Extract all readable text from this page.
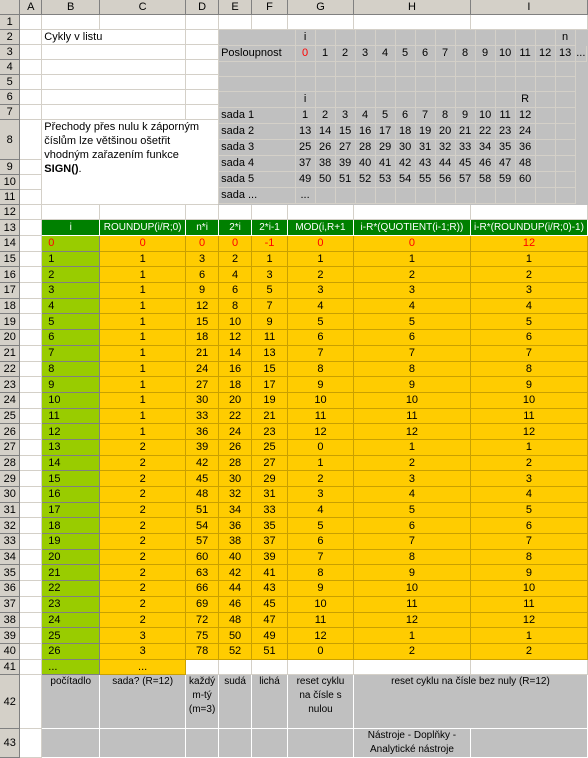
	A	B	C	D	E	F	G	H	I
1									
2		Cykly v listu		
		i													n
Posloupnost	0	1	2	3	4	5	6	7	8	9	10	11	12	13	...

	i											R		
sada 1	1	2	3	4	5	6	7	8	9	10	11	12		
sada 2	13	14	15	16	17	18	19	20	21	22	23	24		
sada 3	25	26	27	28	29	30	31	32	33	34	35	36		
sada 4	37	38	39	40	41	42	43	44	45	46	47	48		
sada 5	49	50	51	52	53	54	55	56	57	58	59	60		
sada ...	...													

3			
4			
5			
6			
7			
8		Přechody přes nulu k záporným číslům lze většinou ošetřit vhodným zařazením funkce SIGN().
9	
10	
11	
12									
13		i	ROUNDUP(i/R;0)	n*i	2*i	2*i-1	MOD(i,R+1	i-R*(QUOTIENT(i-1;R))	i-R*(ROUNDUP(i/R;0)-1)
14		0	0	0	0	-1	0	0	12
15		1	1	3	2	1	1	1	1
16		2	1	6	4	3	2	2	2
17		3	1	9	6	5	3	3	3
18		4	1	12	8	7	4	4	4
19		5	1	15	10	9	5	5	5
20		6	1	18	12	11	6	6	6
21		7	1	21	14	13	7	7	7
22		8	1	24	16	15	8	8	8
23		9	1	27	18	17	9	9	9
24		10	1	30	20	19	10	10	10
25		11	1	33	22	21	11	11	11
26		12	1	36	24	23	12	12	12
27		13	2	39	26	25	0	1	1
28		14	2	42	28	27	1	2	2
29		15	2	45	30	29	2	3	3
30		16	2	48	32	31	3	4	4
31		17	2	51	34	33	4	5	5
32		18	2	54	36	35	5	6	6
33		19	2	57	38	37	6	7	7
34		20	2	60	40	39	7	8	8
35		21	2	63	42	41	8	9	9
36		22	2	66	44	43	9	10	10
37		23	2	69	46	45	10	11	11
38		24	2	72	48	47	11	12	12
39		25	3	75	50	49	12	1	1
40		26	3	78	52	51	0	2	2
41		...	...						
42		počítadlo	sada? (R=12)	každý m-tý (m=3)	sudá	lichá	reset cyklu na čísle s nulou	reset cyklu na čísle bez nuly (R=12)
43								Nástroje - Doplňky - Analytické nástroje	
